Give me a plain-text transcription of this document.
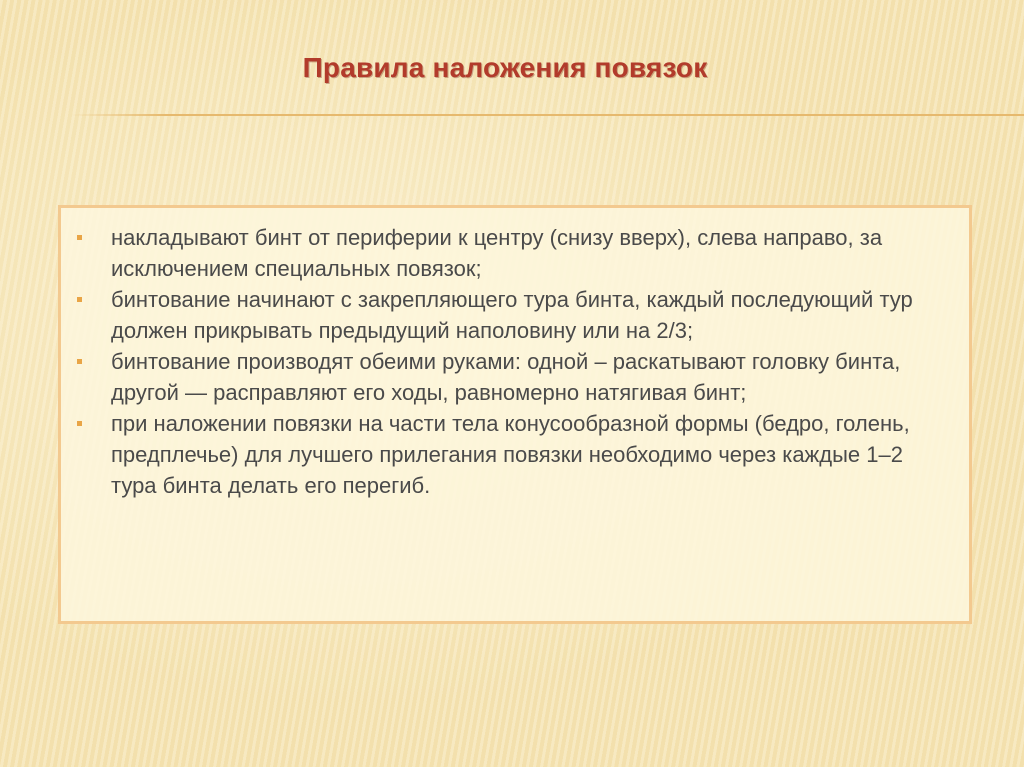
Правила наложения повязок
накладывают бинт от периферии к центру (снизу вверх), слева направо, за исключением специальных повязок;
бинтование начинают с закрепляющего тура бинта, каждый последующий тур должен прикрывать предыдущий наполовину или на 2/3;
бинтование производят обеими руками: одной – раскатывают головку бинта, другой — расправляют его ходы, равномерно натягивая бинт;
при наложении повязки на части тела конусообразной формы (бедро, голень, предплечье) для лучшего прилегания повязки необходимо через каждые 1–2 тура бинта делать его перегиб.
